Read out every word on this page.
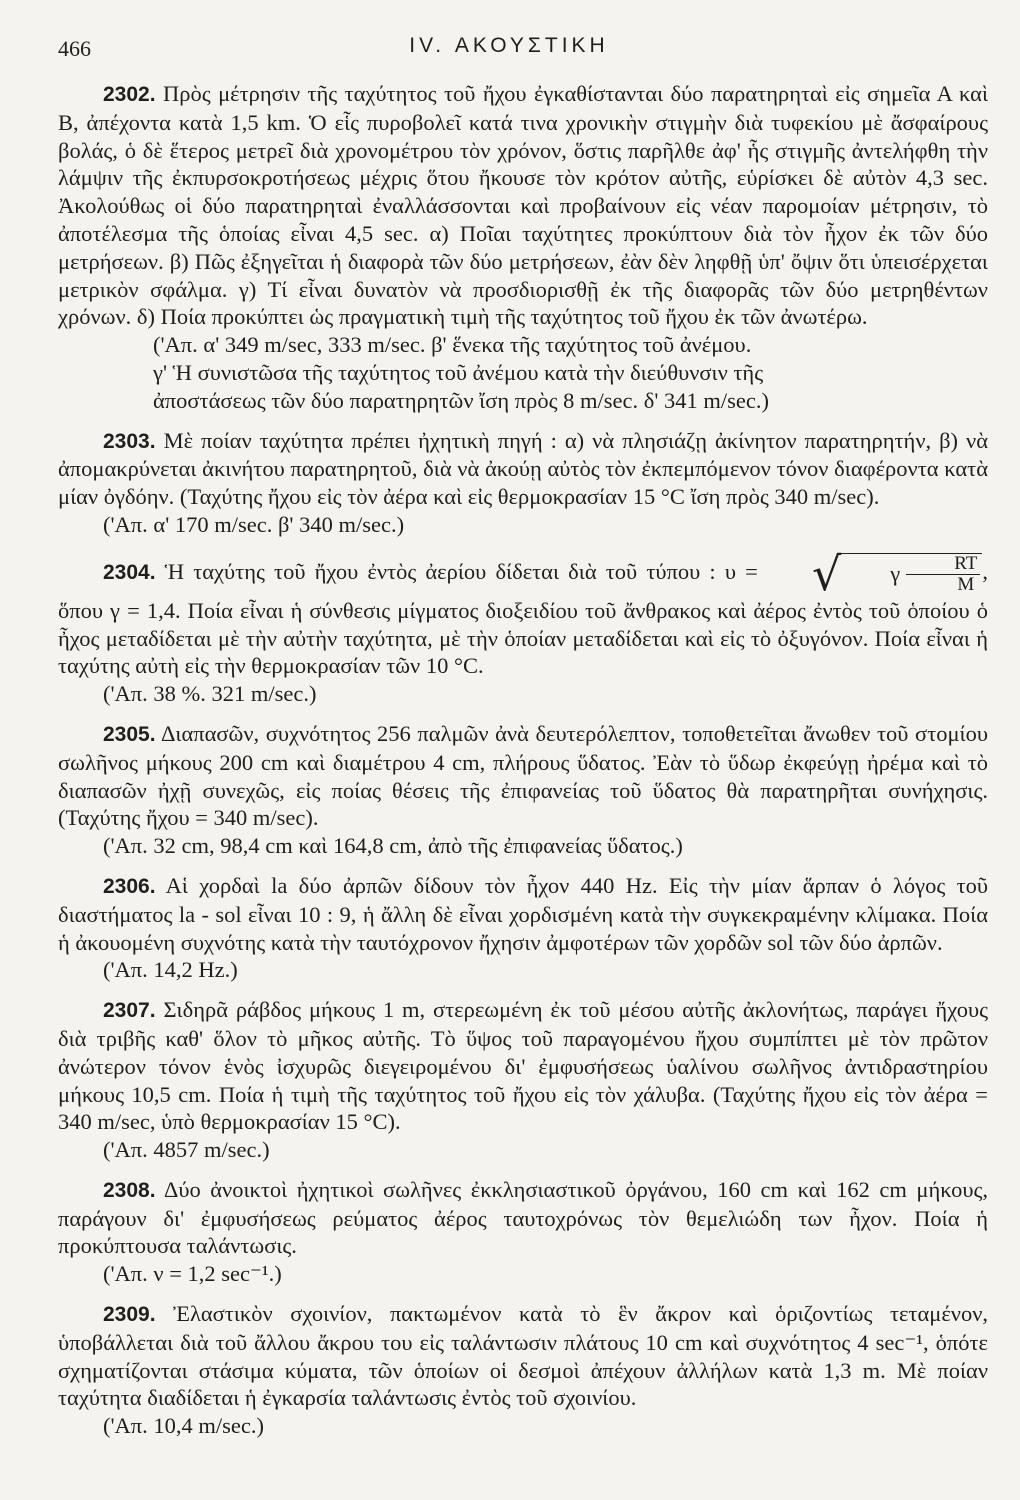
466	IV. ΑΚΟΥΣΤΙΚΗ

2302. Πρὸς μέτρησιν τῆς ταχύτητος τοῦ ἤχου ἐγκαθίστανται δύο παρατηρηταὶ εἰς σημεῖα Α καὶ Β, ἀπέχοντα κατὰ 1,5 km. Ὁ εἷς πυροβολεῖ κατά τινα χρονικὴν στιγμὴν διὰ τυφεκίου μὲ ἄσφαίρους βολάς, ὁ δὲ ἕτερος μετρεῖ διὰ χρονομέτρου τὸν χρόνον, ὅστις παρῆλθε ἀφ' ἧς στιγμῆς ἀντελήφθη τὴν λάμψιν τῆς ἐκπυρσοκροτήσεως μέχρις ὅτου ἤκουσε τὸν κρότον αὐτῆς, εὑρίσκει δὲ αὐτὸν 4,3 sec. Ἀκολούθως οἱ δύο παρατηρηταὶ ἐναλλάσσονται καὶ προβαίνουν εἰς νέαν παρομοίαν μέτρησιν, τὸ ἀποτέλεσμα τῆς ὁποίας εἶναι 4,5 sec. α) Ποῖαι ταχύτητες προκύπτουν διὰ τὸν ἦχον ἐκ τῶν δύο μετρήσεων. β) Πῶς ἐξηγεῖται ἡ διαφορὰ τῶν δύο μετρήσεων, ἐὰν δὲν ληφθῇ ὑπ' ὄψιν ὅτι ὑπεισέρχεται μετρικὸν σφάλμα. γ) Τί εἶναι δυνατὸν νὰ προσδιορισθῇ ἐκ τῆς διαφορᾶς τῶν δύο μετρηθέντων χρόνων. δ) Ποία προκύπτει ὡς πραγματικὴ τιμὴ τῆς ταχύτητος τοῦ ἤχου ἐκ τῶν ἀνωτέρω.

('Απ. α' 349 m/sec, 333 m/sec. β' ἕνεκα τῆς ταχύτητος τοῦ ἀνέμου.
γ' Ἡ συνιστῶσα τῆς ταχύτητος τοῦ ἀνέμου κατὰ τὴν διεύθυνσιν τῆς
ἀποστάσεως τῶν δύο παρατηρητῶν ἴση πρὸς 8 m/sec. δ' 341 m/sec.)

2303. Μὲ ποίαν ταχύτητα πρέπει ἠχητικὴ πηγή : α) νὰ πλησιάζῃ ἀκίνητον παρατηρητήν, β) νὰ ἀπομακρύνεται ἀκινήτου παρατηρητοῦ, διὰ νὰ ἀκούῃ αὐτὸς τὸν ἐκπεμπόμενον τόνον διαφέροντα κατὰ μίαν ὀγδόην. (Ταχύτης ἤχου εἰς τὸν ἀέρα καὶ εἰς θερμοκρασίαν 15 °C ἴση πρὸς 340 m/sec).

('Απ. α' 170 m/sec. β' 340 m/sec.)

2304. Ἡ ταχύτης τοῦ ἤχου ἐντὸς ἀερίου δίδεται διὰ τοῦ τύπου : υ =	√	γ $\frac{RT}{M}$ , ὅπου γ = 1,4. Ποία εἶναι ἡ σύνθεσις μίγματος διοξειδίου τοῦ ἄνθρακος καὶ ἀέρος ἐντὸς τοῦ ὁποίου ὁ ἦχος μεταδίδεται μὲ τὴν αὐτὴν ταχύτητα, μὲ τὴν ὁποίαν μεταδίδεται καὶ εἰς τὸ ὀξυγόνον. Ποία εἶναι ἡ ταχύτης αὐτὴ εἰς τὴν θερμοκρασίαν τῶν 10 °C.

('Απ. 38 %. 321 m/sec.)

2305. Διαπασῶν, συχνότητος 256 παλμῶν ἀνὰ δευτερόλεπτον, τοποθετεῖται ἄνωθεν τοῦ στομίου σωλῆνος μήκους 200 cm καὶ διαμέτρου 4 cm, πλήρους ὕδατος. Ἐὰν τὸ ὕδωρ ἐκφεύγῃ ἠρέμα καὶ τὸ διαπασῶν ἠχῇ συνεχῶς, εἰς ποίας θέσεις τῆς ἐπιφανείας τοῦ ὕδατος θὰ παρατηρῆται συνήχησις. (Ταχύτης ἤχου = 340 m/sec).

('Απ. 32 cm, 98,4 cm καὶ 164,8 cm, ἀπὸ τῆς ἐπιφανείας ὕδατος.)

2306. Αἱ χορδαὶ la δύο ἀρπῶν δίδουν τὸν ἦχον 440 Hz. Εἰς τὴν μίαν ἅρπαν ὁ λόγος τοῦ διαστήματος la - sol εἶναι 10 : 9, ἡ ἄλλη δὲ εἶναι χορδισμένη κατὰ τὴν συγκεκραμένην κλίμακα. Ποία ἡ ἀκουομένη συχνότης κατὰ τὴν ταυτόχρονον ἤχησιν ἀμφοτέρων τῶν χορδῶν sol τῶν δύο ἀρπῶν.

('Απ. 14,2 Hz.)

2307. Σιδηρᾶ ράβδος μήκους 1 m, στερεωμένη ἐκ τοῦ μέσου αὐτῆς ἀκλονήτως, παράγει ἤχους διὰ τριβῆς καθ' ὅλον τὸ μῆκος αὐτῆς. Τὸ ὕψος τοῦ παραγομένου ἤχου συμπίπτει μὲ τὸν πρῶτον ἀνώτερον τόνον ἑνὸς ἰσχυρῶς διεγειρομένου δι' ἐμφυσήσεως ὑαλίνου σωλῆνος ἀντιδραστηρίου μήκους 10,5 cm. Ποία ἡ τιμὴ τῆς ταχύτητος τοῦ ἤχου εἰς τὸν χάλυβα. (Ταχύτης ἤχου εἰς τὸν ἀέρα = 340 m/sec, ὑπὸ θερμοκρασίαν 15 °C).

('Απ. 4857 m/sec.)

2308. Δύο ἀνοικτοὶ ἠχητικοὶ σωλῆνες ἐκκλησιαστικοῦ ὀργάνου, 160 cm καὶ 162 cm μήκους, παράγουν δι' ἐμφυσήσεως ρεύματος ἀέρος ταυτοχρόνως τὸν θεμελιώδη των ἦχον. Ποία ἡ προκύπτουσα ταλάντωσις.

('Απ. ν = 1,2 sec⁻¹.)

2309. Ἐλαστικὸν σχοινίον, πακτωμένον κατὰ τὸ ἓν ἄκρον καὶ ὁριζοντίως τεταμένον, ὑποβάλλεται διὰ τοῦ ἄλλου ἄκρου του εἰς ταλάντωσιν πλάτους 10 cm καὶ συχνότητος 4 sec⁻¹, ὁπότε σχηματίζονται στάσιμα κύματα, τῶν ὁποίων οἱ δεσμοὶ ἀπέχουν ἀλλήλων κατὰ 1,3 m. Μὲ ποίαν ταχύτητα διαδίδεται ἡ ἐγκαρσία ταλάντωσις ἐντὸς τοῦ σχοινίου.

('Απ. 10,4 m/sec.)
